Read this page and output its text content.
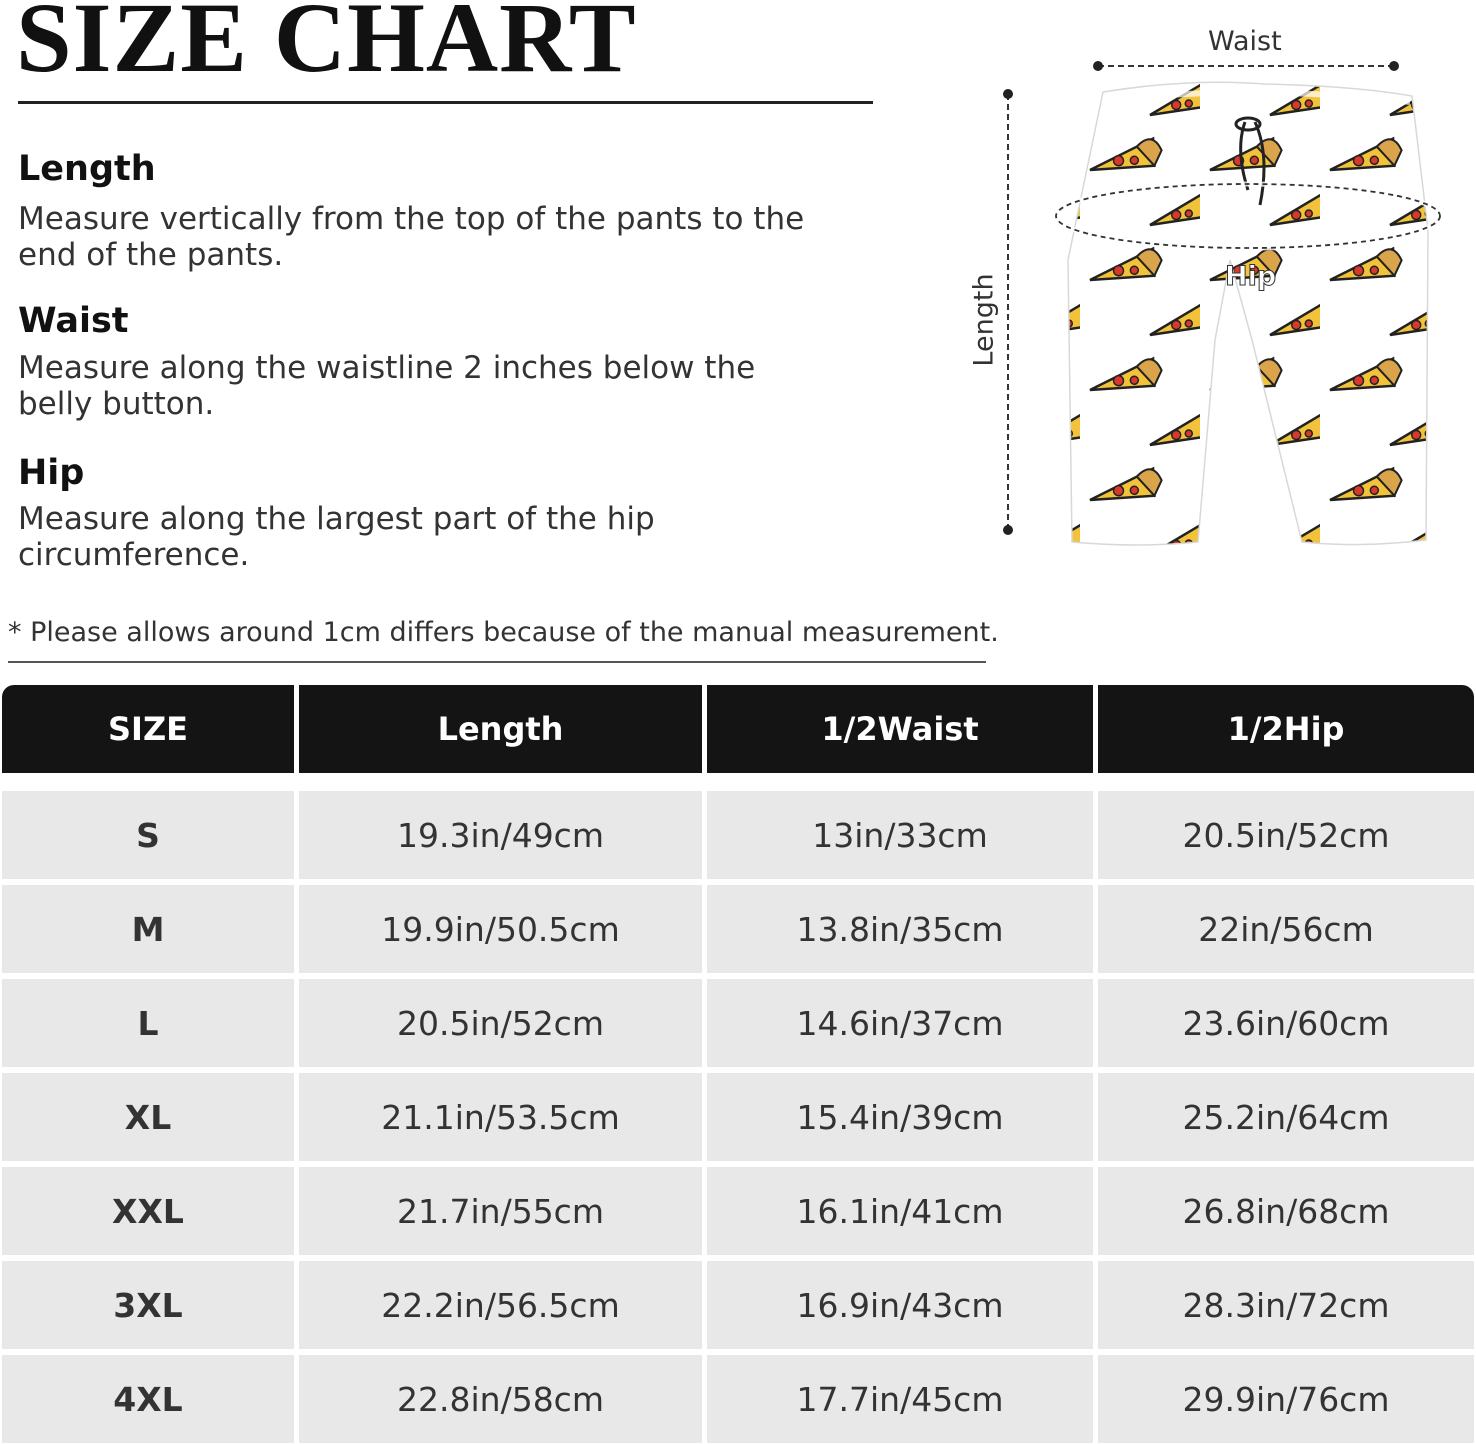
SIZE CHART
Length
Measure vertically from the top of the pants to the end of the pants.
Waist
Measure along the waistline 2 inches below the belly button.
Hip
Measure along the largest part of the hip circumference.
Waist
Length	Hip
* Please allows around 1cm differs because of the manual measurement.
SIZE	Length	1/2Waist	1/2Hip
S	19.3in/49cm	13in/33cm	20.5in/52cm
M	19.9in/50.5cm	13.8in/35cm	22in/56cm
L	20.5in/52cm	14.6in/37cm	23.6in/60cm
XL	21.1in/53.5cm	15.4in/39cm	25.2in/64cm
XXL	21.7in/55cm	16.1in/41cm	26.8in/68cm
3XL	22.2in/56.5cm	16.9in/43cm	28.3in/72cm
4XL	22.8in/58cm	17.7in/45cm	29.9in/76cm
